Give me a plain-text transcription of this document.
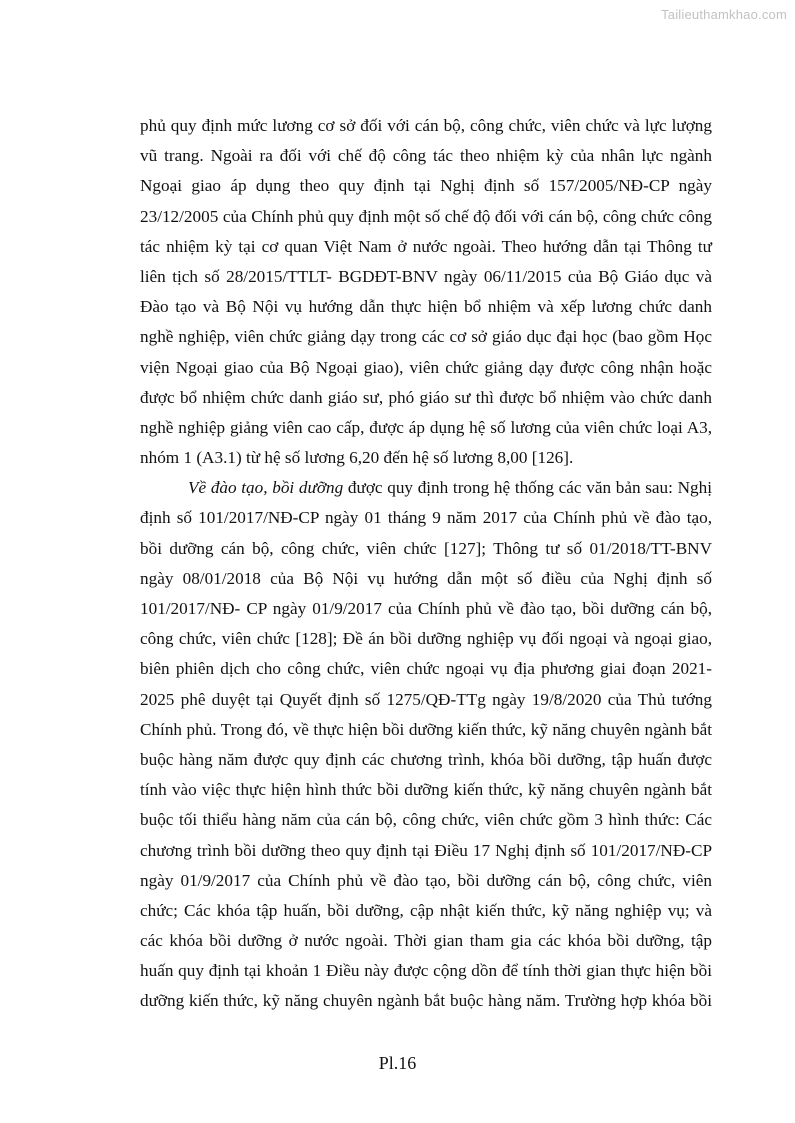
Tailieuthamkhao.com
phủ quy định mức lương cơ sở đối với cán bộ, công chức, viên chức và lực lượng
vũ trang. Ngoài ra đối với chế độ công tác theo nhiệm kỳ của nhân lực ngành
Ngoại giao áp dụng theo quy định tại Nghị định số 157/2005/NĐ-CP ngày
23/12/2005 của Chính phủ quy định một số chế độ đối với cán bộ, công chức công
tác nhiệm kỳ tại cơ quan Việt Nam ở nước ngoài. Theo hướng dẫn tại Thông tư
liên tịch số 28/2015/TTLT- BGDĐT-BNV ngày 06/11/2015 của Bộ Giáo dục và
Đào tạo và Bộ Nội vụ hướng dẫn thực hiện bổ nhiệm và xếp lương chức danh
nghề nghiệp, viên chức giảng dạy trong các cơ sở giáo dục đại học (bao gồm Học
viện Ngoại giao của Bộ Ngoại giao), viên chức giảng dạy được công nhận hoặc
được bổ nhiệm chức danh giáo sư, phó giáo sư thì được bổ nhiệm vào chức danh
nghề nghiệp giảng viên cao cấp, được áp dụng hệ số lương của viên chức loại A3,
nhóm 1 (A3.1) từ hệ số lương 6,20 đến hệ số lương 8,00 [126].
Về đào tạo, bồi dưỡng được quy định trong hệ thống các văn bản sau: Nghị
định số 101/2017/NĐ-CP ngày 01 tháng 9 năm 2017 của Chính phủ về đào tạo,
bồi dưỡng cán bộ, công chức, viên chức [127]; Thông tư số 01/2018/TT-BNV
ngày 08/01/2018 của Bộ Nội vụ hướng dẫn một số điều của Nghị định số
101/2017/NĐ- CP ngày 01/9/2017 của Chính phủ về đào tạo, bồi dưỡng cán bộ,
công chức, viên chức [128]; Đề án bồi dưỡng nghiệp vụ đối ngoại và ngoại giao,
biên phiên dịch cho công chức, viên chức ngoại vụ địa phương giai đoạn 2021-
2025 phê duyệt tại Quyết định số 1275/QĐ-TTg ngày 19/8/2020 của Thủ tướng
Chính phủ. Trong đó, về thực hiện bồi dưỡng kiến thức, kỹ năng chuyên ngành bắt
buộc hàng năm được quy định các chương trình, khóa bồi dưỡng, tập huấn được
tính vào việc thực hiện hình thức bồi dưỡng kiến thức, kỹ năng chuyên ngành bắt
buộc tối thiểu hàng năm của cán bộ, công chức, viên chức gồm 3 hình thức: Các
chương trình bồi dưỡng theo quy định tại Điều 17 Nghị định số 101/2017/NĐ-CP
ngày 01/9/2017 của Chính phủ về đào tạo, bồi dưỡng cán bộ, công chức, viên
chức; Các khóa tập huấn, bồi dưỡng, cập nhật kiến thức, kỹ năng nghiệp vụ; và
các khóa bồi dưỡng ở nước ngoài. Thời gian tham gia các khóa bồi dưỡng, tập
huấn quy định tại khoản 1 Điều này được cộng dồn để tính thời gian thực hiện bồi
dưỡng kiến thức, kỹ năng chuyên ngành bắt buộc hàng năm. Trường hợp khóa bồi
Pl.16
